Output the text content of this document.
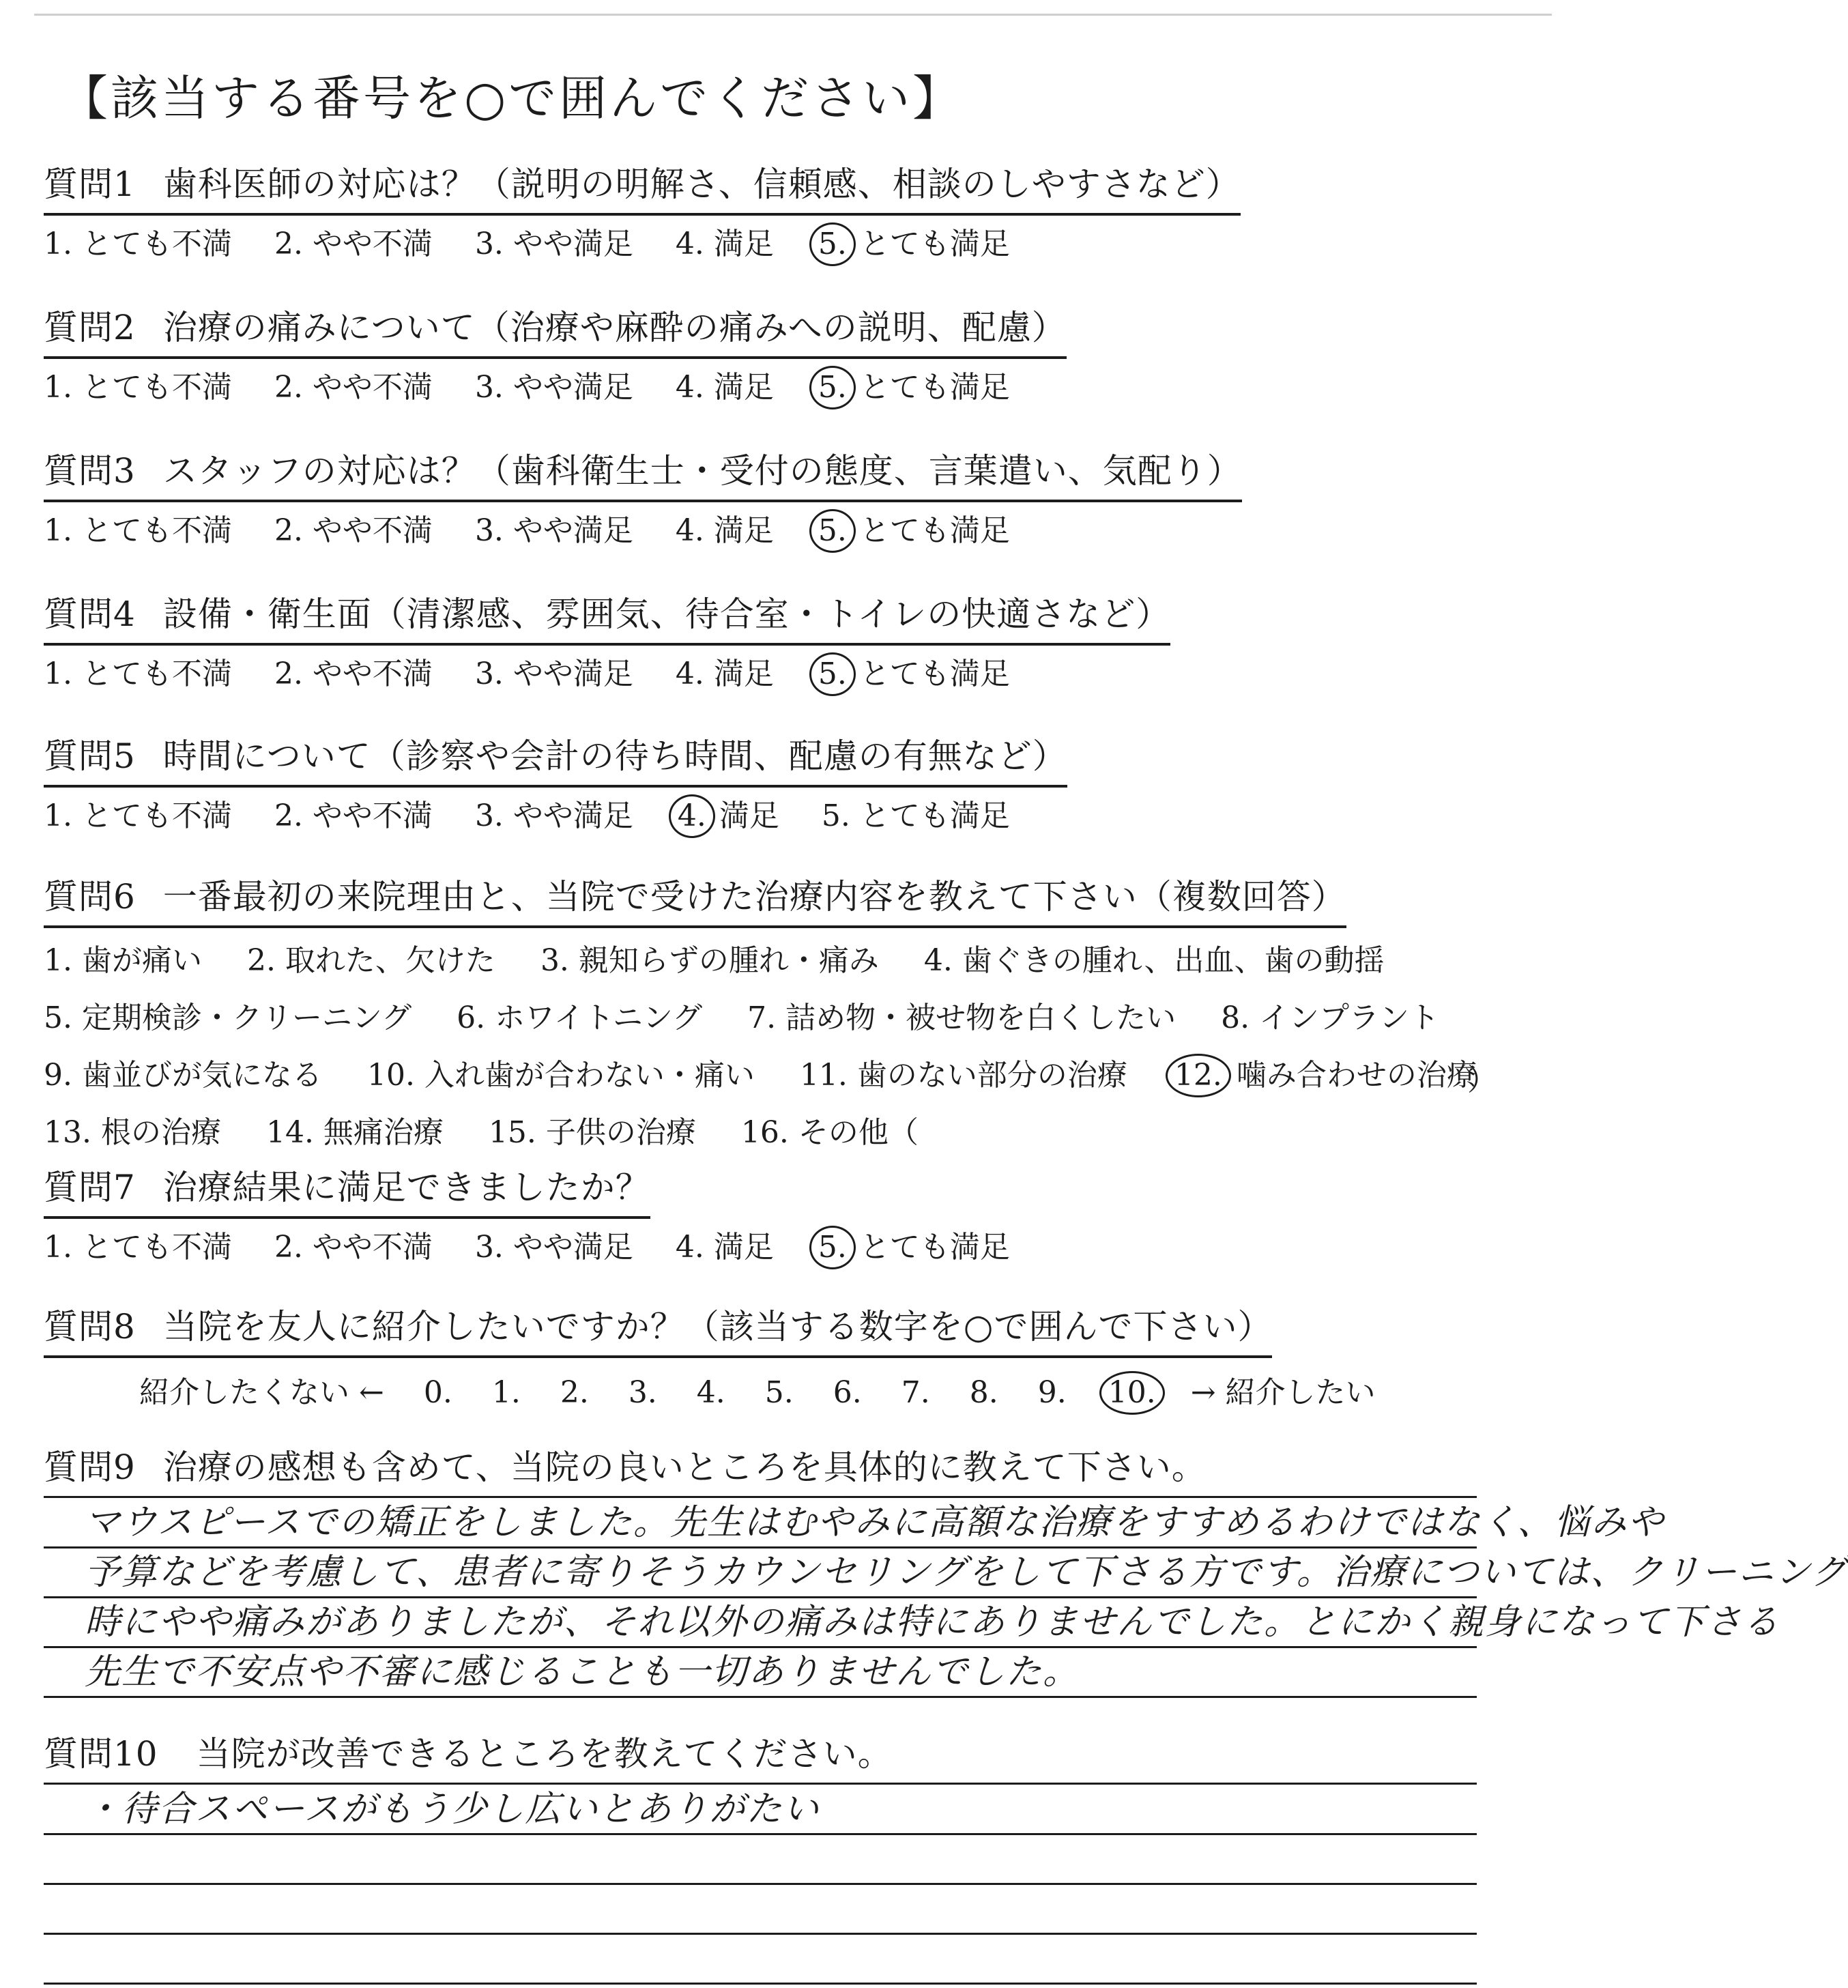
【該当する番号を○で囲んでください】
質問1 歯科医師の対応は？（説明の明解さ、信頼感、相談のしやすさなど）
1. とても不満 2. やや不満 3. やや満足 4. 満足 5. とても満足
質問2 治療の痛みについて（治療や麻酔の痛みへの説明、配慮）
1. とても不満 2. やや不満 3. やや満足 4. 満足 5. とても満足
質問3 スタッフの対応は？（歯科衛生士・受付の態度、言葉遣い、気配り）
1. とても不満 2. やや不満 3. やや満足 4. 満足 5. とても満足
質問4 設備・衛生面（清潔感、雰囲気、待合室・トイレの快適さなど）
1. とても不満 2. やや不満 3. やや満足 4. 満足 5. とても満足
質問5 時間について（診察や会計の待ち時間、配慮の有無など）
1. とても不満 2. やや不満 3. やや満足 4. 満足 5. とても満足
質問6 一番最初の来院理由と、当院で受けた治療内容を教えて下さい（複数回答）
1. 歯が痛い 2. 取れた、欠けた 3. 親知らずの腫れ・痛み 4. 歯ぐきの腫れ、出血、歯の動揺
5. 定期検診・クリーニング 6. ホワイトニング 7. 詰め物・被せ物を白くしたい 8. インプラント
9. 歯並びが気になる 10. 入れ歯が合わない・痛い 11. 歯のない部分の治療 12. 噛み合わせの治療
13. 根の治療 14. 無痛治療 15. 子供の治療 16. その他（
）
質問7 治療結果に満足できましたか？
1. とても不満 2. やや不満 3. やや満足 4. 満足 5. とても満足
質問8 当院を友人に紹介したいですか？（該当する数字を○で囲んで下さい）
紹介したくない ← 0. 1. 2. 3. 4. 5. 6. 7. 8. 9. 10. → 紹介したい
質問9 治療の感想も含めて、当院の良いところを具体的に教えて下さい。
マウスピースでの矯正をしました。先生はむやみに高額な治療をすすめるわけではなく、悩みや
予算などを考慮して、患者に寄りそうカウンセリングをして下さる方です。治療については、クリーニング
時にやや痛みがありましたが、それ以外の痛みは特にありませんでした。とにかく親身になって下さる
先生で不安点や不審に感じることも一切ありませんでした。
質問10 当院が改善できるところを教えてください。
・待合スペースがもう少し広いとありがたい
